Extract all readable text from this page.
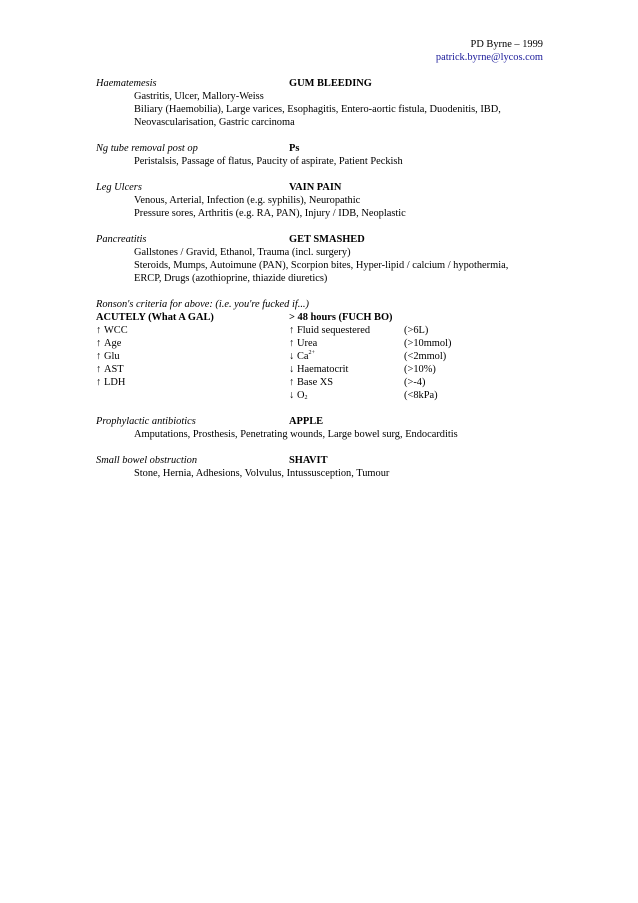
PD Byrne – 1999
patrick.byrne@lycos.com
Haematemesis	GUM BLEEDING
Gastritis, Ulcer, Mallory-Weiss
Biliary (Haemobilia), Large varices, Esophagitis, Entero-aortic fistula, Duodenitis, IBD,
Neovascularisation, Gastric carcinoma
Ng tube removal post op	Ps
Peristalsis, Passage of flatus, Paucity of aspirate, Patient Peckish
Leg Ulcers	VAIN PAIN
Venous, Arterial, Infection (e.g. syphilis), Neuropathic
Pressure sores, Arthritis (e.g. RA, PAN), Injury / IDB, Neoplastic
Pancreatitis	GET SMASHED
Gallstones / Gravid, Ethanol, Trauma (incl. surgery)
Steroids, Mumps, Autoimune (PAN), Scorpion bites, Hyper-lipid / calcium / hypothermia,
ERCP, Drugs (azothioprine, thiazide diuretics)
Ronson's criteria for above: (i.e. you're fucked if...)
ACUTELY (What A GAL)	> 48 hours (FUCH BO)	
↑ WCC	↑ Fluid sequestered	(>6L)
↑ Age	↑ Urea	(>10mmol)
↑ Glu	↓ $Ca^{2+}$	(<2mmol)
↑ AST	↓ Haematocrit	(>10%)
↑ LDH	↑ Base XS	(>-4)
	↓ $O_2$	(<8kPa)
Prophylactic antibiotics	APPLE
Amputations, Prosthesis, Penetrating wounds, Large bowel surg, Endocarditis
Small bowel obstruction	SHAVIT
Stone, Hernia, Adhesions, Volvulus, Intussusception, Tumour
